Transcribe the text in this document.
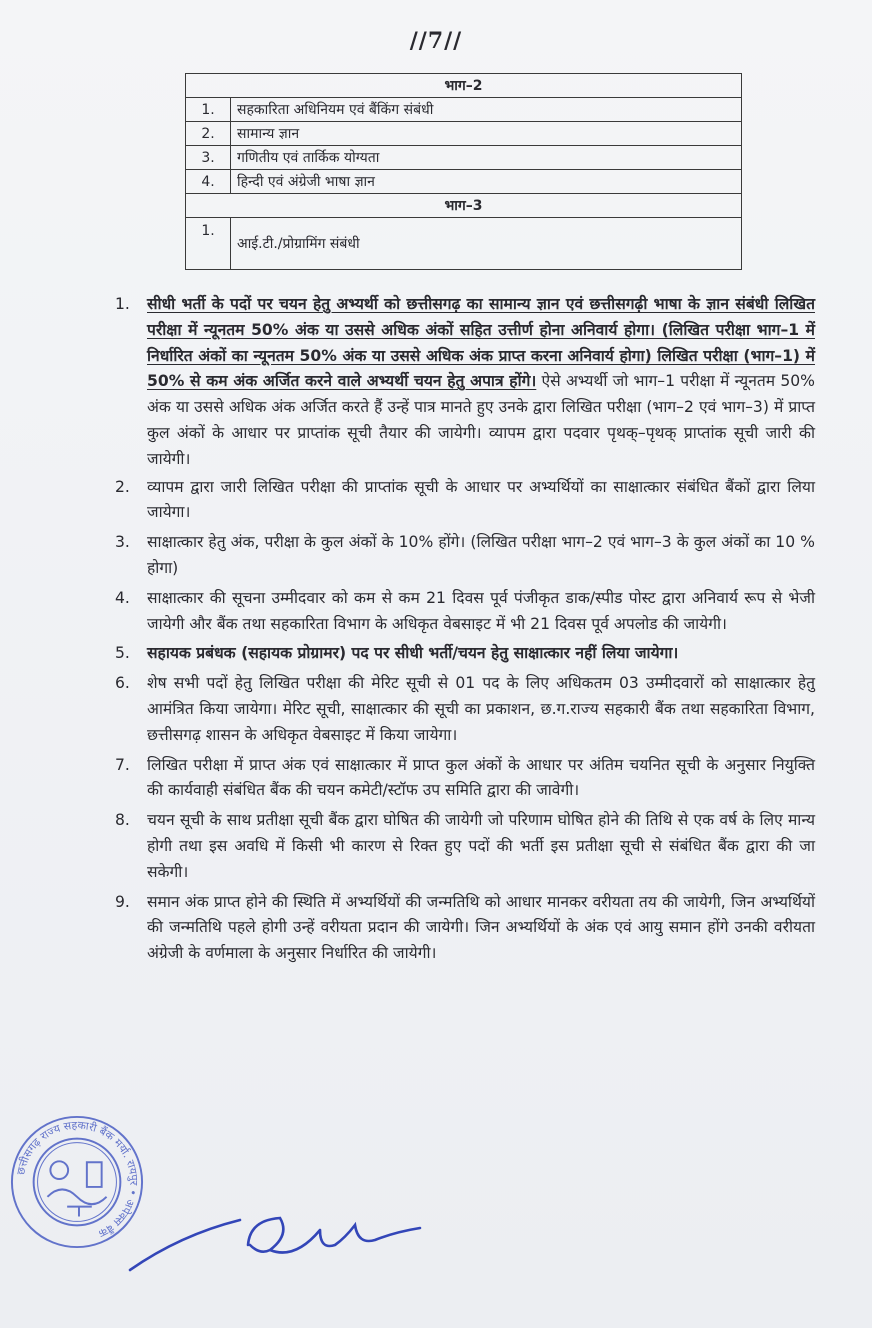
//7//
भाग–2	
1.	सहकारिता अधिनियम एवं बैंकिंग संबंधी
2.	सामान्य ज्ञान
3.	गणितीय एवं तार्किक योग्यता
4.	हिन्दी एवं अंग्रेजी भाषा ज्ञान
भाग–3	
1.	आई.टी./प्रोग्रामिंग संबंधी
1.	सीधी भर्ती के पदों पर चयन हेतु अभ्यर्थी को छत्तीसगढ़ का सामान्य ज्ञान एवं छत्तीसगढ़ी भाषा के ज्ञान संबंधी लिखित परीक्षा में न्यूनतम 50% अंक या उससे अधिक अंकों सहित उत्तीर्ण होना अनिवार्य होगा। (लिखित परीक्षा भाग–1 में निर्धारित अंकों का न्यूनतम 50% अंक या उससे अधिक अंक प्राप्त करना अनिवार्य होगा) लिखित परीक्षा (भाग–1) में 50% से कम अंक अर्जित करने वाले अभ्यर्थी चयन हेतु अपात्र होंगे। ऐसे अभ्यर्थी जो भाग–1 परीक्षा में न्यूनतम 50% अंक या उससे अधिक अंक अर्जित करते हैं उन्हें पात्र मानते हुए उनके द्वारा लिखित परीक्षा (भाग–2 एवं भाग–3) में प्राप्त कुल अंकों के आधार पर प्राप्तांक सूची तैयार की जायेगी। व्यापम द्वारा पदवार पृथक्–पृथक् प्राप्तांक सूची जारी की जायेगी।
2.	व्यापम द्वारा जारी लिखित परीक्षा की प्राप्तांक सूची के आधार पर अभ्यर्थियों का साक्षात्कार संबंधित बैंकों द्वारा लिया जायेगा।
3.	साक्षात्कार हेतु अंक, परीक्षा के कुल अंकों के 10% होंगे। (लिखित परीक्षा भाग–2 एवं भाग–3 के कुल अंकों का 10 % होगा)
4.	साक्षात्कार की सूचना उम्मीदवार को कम से कम 21 दिवस पूर्व पंजीकृत डाक/स्पीड पोस्ट द्वारा अनिवार्य रूप से भेजी जायेगी और बैंक तथा सहकारिता विभाग के अधिकृत वेबसाइट में भी 21 दिवस पूर्व अपलोड की जायेगी।
5.	सहायक प्रबंधक (सहायक प्रोग्रामर) पद पर सीधी भर्ती/चयन हेतु साक्षात्कार नहीं लिया जायेगा।
6.	शेष सभी पदों हेतु लिखित परीक्षा की मेरिट सूची से 01 पद के लिए अधिकतम 03 उम्मीदवारों को साक्षात्कार हेतु आमंत्रित किया जायेगा। मेरिट सूची, साक्षात्कार की सूची का प्रकाशन, छ.ग.राज्य सहकारी बैंक तथा सहकारिता विभाग, छत्तीसगढ़ शासन के अधिकृत वेबसाइट में किया जायेगा।
7.	लिखित परीक्षा में प्राप्त अंक एवं साक्षात्कार में प्राप्त कुल अंकों के आधार पर अंतिम चयनित सूची के अनुसार नियुक्ति की कार्यवाही संबंधित बैंक की चयन कमेटी/स्टॉफ उप समिति द्वारा की जावेगी।
8.	चयन सूची के साथ प्रतीक्षा सूची बैंक द्वारा घोषित की जायेगी जो परिणाम घोषित होने की तिथि से एक वर्ष के लिए मान्य होगी तथा इस अवधि में किसी भी कारण से रिक्त हुए पदों की भर्ती इस प्रतीक्षा सूची से संबंधित बैंक द्वारा की जा सकेगी।
9.	समान अंक प्राप्त होने की स्थिति में अभ्यर्थियों की जन्मतिथि को आधार मानकर वरीयता तय की जायेगी, जिन अभ्यर्थियों की जन्मतिथि पहले होगी उन्हें वरीयता प्रदान की जायेगी। जिन अभ्यर्थियों के अंक एवं आयु समान होंगे उनकी वरीयता अंग्रेजी के वर्णमाला के अनुसार निर्धारित की जायेगी।
छत्तीसगढ़ राज्य सहकारी बैंक मर्या. रायपुर • अपेक्स बैंक
